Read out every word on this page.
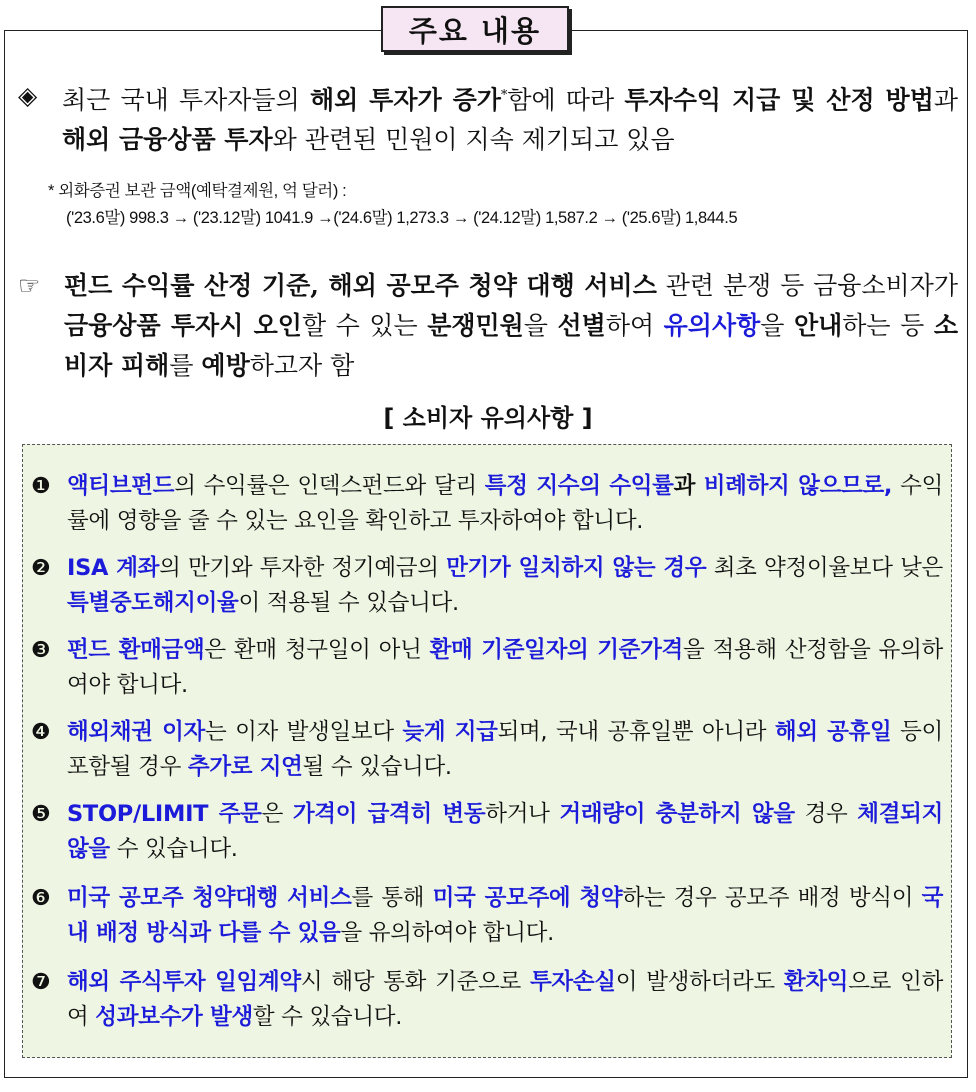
주요 내용
◈ 최근 국내 투자자들의 해외 투자가 증가*함에 따라 투자수익 지급 및 산정 방법과 해외 금융상품 투자와 관련된 민원이 지속 제기되고 있음
* 외화증권 보관 금액(예탁결제원, 억 달러) :
('23.6말) 998.3 → ('23.12말) 1041.9 →('24.6말) 1,273.3 → ('24.12말) 1,587.2 → ('25.6말) 1,844.5
☞ 펀드 수익률 산정 기준, 해외 공모주 청약 대행 서비스 관련 분쟁 등 금융소비자가 금융상품 투자시 오인할 수 있는 분쟁민원을 선별하여 유의사항을 안내하는 등 소비자 피해를 예방하고자 함
[ 소비자 유의사항 ]
❶ 액티브펀드의 수익률은 인덱스펀드와 달리 특정 지수의 수익률과 비례하지 않으므로, 수익률에 영향을 줄 수 있는 요인을 확인하고 투자하여야 합니다.
❷ ISA 계좌의 만기와 투자한 정기예금의 만기가 일치하지 않는 경우 최초 약정이율보다 낮은 특별중도해지이율이 적용될 수 있습니다.
❸ 펀드 환매금액은 환매 청구일이 아닌 환매 기준일자의 기준가격을 적용해 산정함을 유의하여야 합니다.
❹ 해외채권 이자는 이자 발생일보다 늦게 지급되며, 국내 공휴일뿐 아니라 해외 공휴일 등이 포함될 경우 추가로 지연될 수 있습니다.
❺ STOP/LIMIT 주문은 가격이 급격히 변동하거나 거래량이 충분하지 않을 경우 체결되지 않을 수 있습니다.
❻ 미국 공모주 청약대행 서비스를 통해 미국 공모주에 청약하는 경우 공모주 배정 방식이 국내 배정 방식과 다를 수 있음을 유의하여야 합니다.
❼ 해외 주식투자 일임계약시 해당 통화 기준으로 투자손실이 발생하더라도 환차익으로 인하여 성과보수가 발생할 수 있습니다.
